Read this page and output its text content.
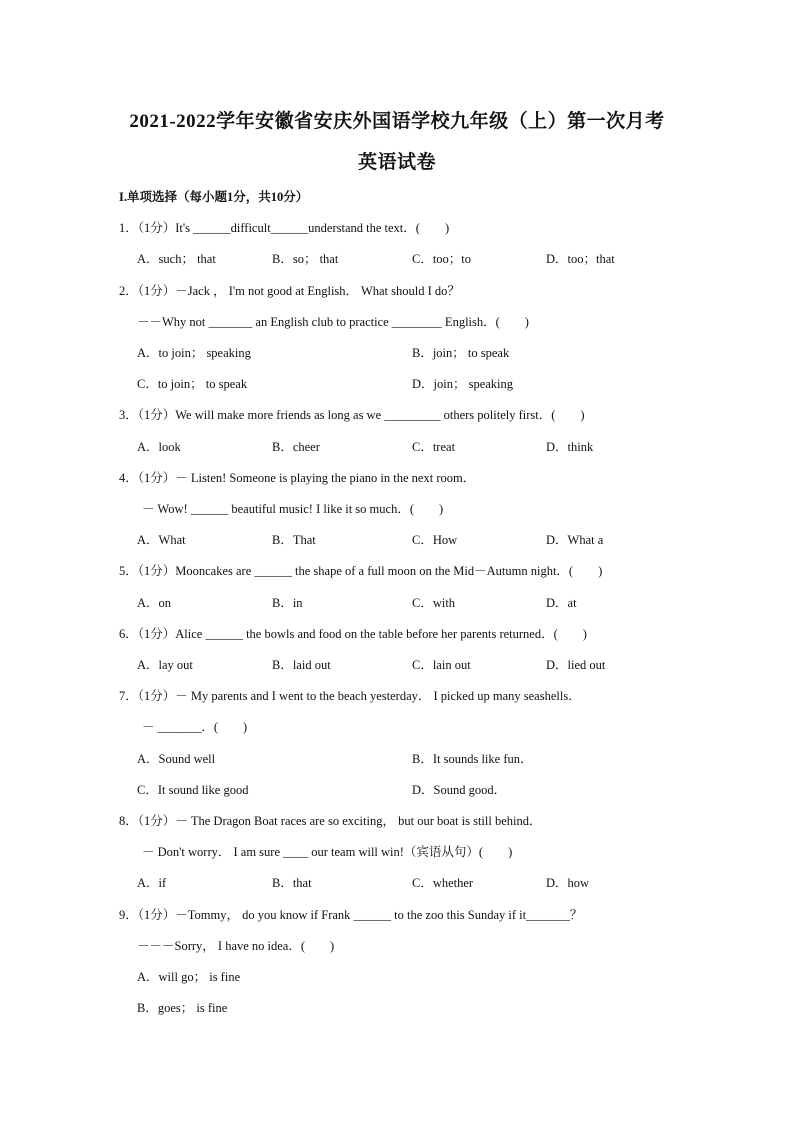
2021-2022学年安徽省安庆外国语学校九年级（上）第一次月考
英语试卷
I.单项选择（每小题1分，共10分）
1．（1分）It's ______difficult______understand the text．(　　)
A．such； that	B．so； that	C．too；to	D．too；that
2．（1分）－Jack ， I'm not good at English． What should I do？
－－Why not _______ an English club to practice ________ English．(　　)
A．to join； speaking	B．join； to speak
C．to join； to speak	D．join； speaking
3．（1分）We will make more friends as long as we _________ others politely first．(　　)
A．look	B．cheer	C．treat	D．think
4．（1分）－ Listen! Someone is playing the piano in the next room．
－ Wow! ______ beautiful music! I like it so much．(　　)
A．What	B．That	C．How	D．What a
5．（1分）Mooncakes are ______ the shape of a full moon on the Mid－Autumn night．(　　)
A．on	B．in	C．with	D．at
6．（1分）Alice ______ the bowls and food on the table before her parents returned．(　　)
A．lay out	B．laid out	C．lain out	D．lied out
7．（1分）－ My parents and I went to the beach yesterday． I picked up many seashells．
－ _______．(　　)
A．Sound well	B．It sounds like fun．
C．It sound like good	D．Sound good．
8．（1分）－ The Dragon Boat races are so exciting， but our boat is still behind．
－ Don't worry． I am sure ____ our team will win!（宾语从句）(　　)
A．if	B．that	C．whether	D．how
9．（1分）－Tommy， do you know if Frank ______ to the zoo this Sunday if it_______？
－－－Sorry， I have no idea．(　　)
A．will go； is fine
B．goes； is fine
